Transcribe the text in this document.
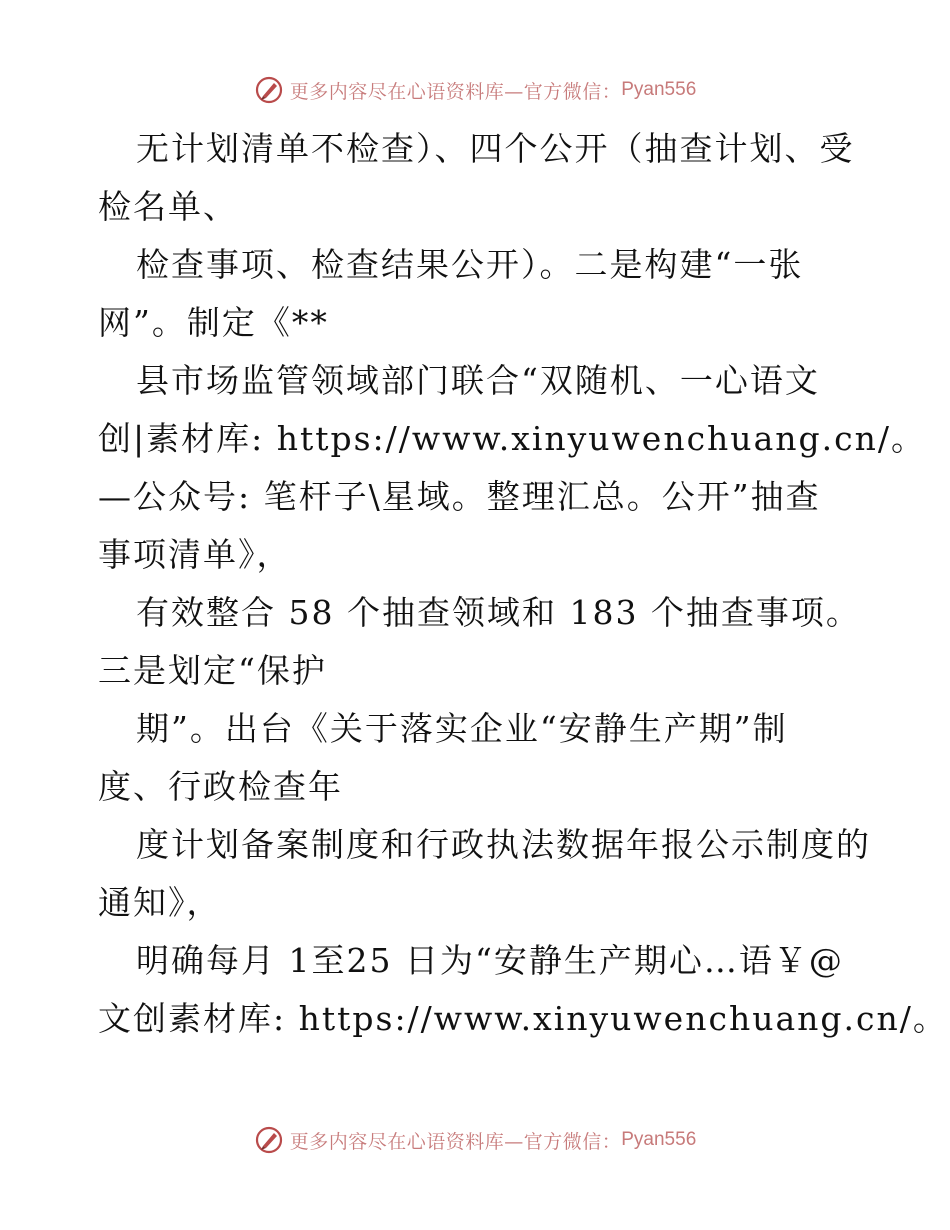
更多内容尽在心语资料库—官方微信： Pyan556
无计划清单不检查）、四个公开（抽查计划、受
检名单、
检查事项、检查结果公开）。二是构建“一张
网”。制定《**
县市场监管领域部门联合“双随机、一心语文
创|素材库: https://www.xinyuwenchuang.cn/。
—公众号: 笔杆子\星域。整理汇总。公开”抽查
事项清单》，
有效整合 58 个抽查领域和 183 个抽查事项。
三是划定“保护
期”。出台《关于落实企业“安静生产期”制
度、行政检查年
度计划备案制度和行政执法数据年报公示制度的
通知》，
明确每月 1至25 日为“安静生产期心…语￥@
文创素材库: https://www.xinyuwenchuang.cn/。
更多内容尽在心语资料库—官方微信： Pyan556
